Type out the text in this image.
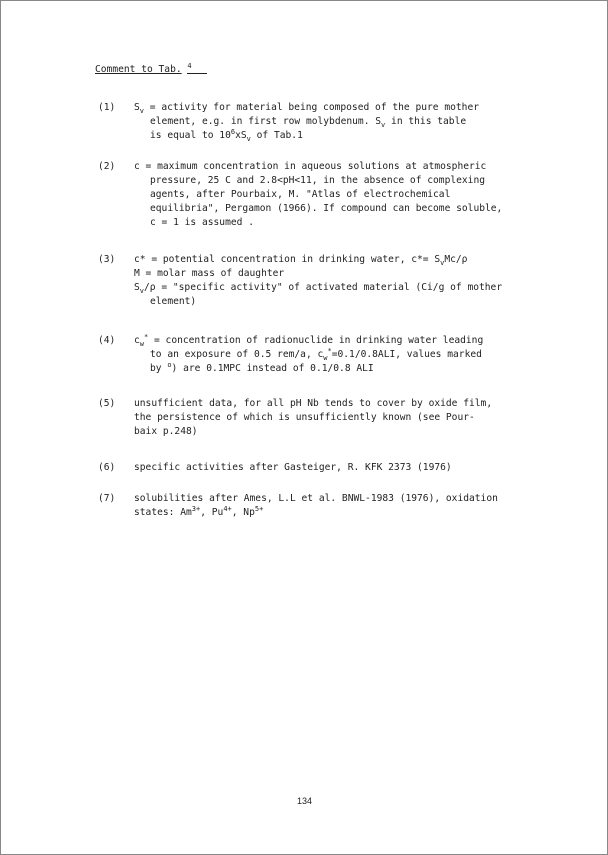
Comment to Tab. $^4$
(1) $S_v$ = activity for material being composed of the pure mother
element, e.g. in first row molybdenum. $S_v$ in this table
is equal to $10^6xS_v$ of Tab.1
(2) c = maximum concentration in aqueous solutions at atmospheric
pressure, 25 C and 2.8<pH<11, in the absence of complexing
agents, after Pourbaix, M. "Atlas of electrochemical
equilibria", Pergamon (1966). If compound can become soluble,
c = 1 is assumed .
(3) c* = potential concentration in drinking water, $c*= S_vMc/\rho$
M = molar mass of daughter
$S_v/\rho$ = "specific activity" of activated material (Ci/g of mother
element)
(4) $c_w^*$ = concentration of radionuclide in drinking water leading
to an exposure of 0.5 rem/a, $c_w^*=0.1/0.8ALI$, values marked
by $^o$) are 0.1MPC instead of 0.1/0.8 ALI
(5) unsufficient data, for all pH Nb tends to cover by oxide film,
the persistence of which is unsufficiently known (see Pour-
baix p.248)
(6) specific activities after Gasteiger, R. KFK 2373 (1976)
(7) solubilities after Ames, L.L et al. BNWL-1983 (1976), oxidation
states: $Am^{3+}$, $Pu^{4+}$, $Np^{5+}$
134
